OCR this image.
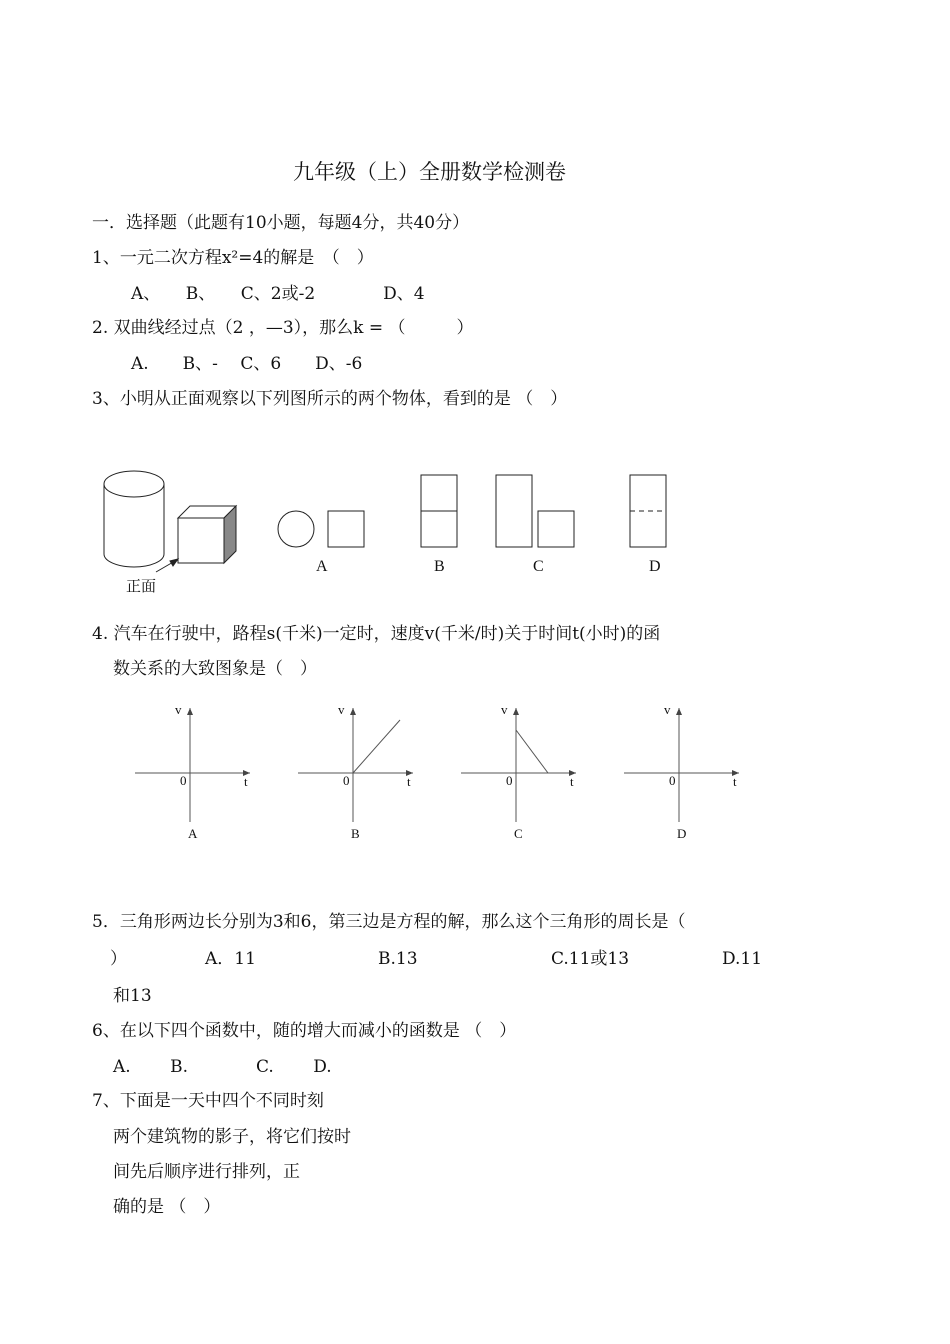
九年级（上）全册数学检测卷
一．选择题（此题有10小题，每题4分，共40分）
1、一元二次方程x²=4的解是　（　）
A、　　B、　　C、2或-2　　　　D、4
2. 双曲线经过点（2 ，—3），那么k = （　　　）
A.　　B、-　 C、6　　D、-6
3、小明从正面观察以下列图所示的两个物体，看到的是 （　）
正面
A	B	C	D
4. 汽车在行驶中，路程s(千米)一定时，速度v(千米/时)关于时间t(小时)的函
数关系的大致图象是（　）
v
0	t
A
v
0	t
B
v
0	t
C
v
0	t
D
5．三角形两边长分别为3和6，第三边是方程的解，那么这个三角形的周长是（
）	A．11	B.13	C.11或13	D.11
和13
6、在以下四个函数中，随的增大而减小的函数是 （　）
A.　　 B.　　　　C.　　 D.
7、下面是一天中四个不同时刻
两个建筑物的影子，将它们按时
间先后顺序进行排列，正
确的是 （　）
